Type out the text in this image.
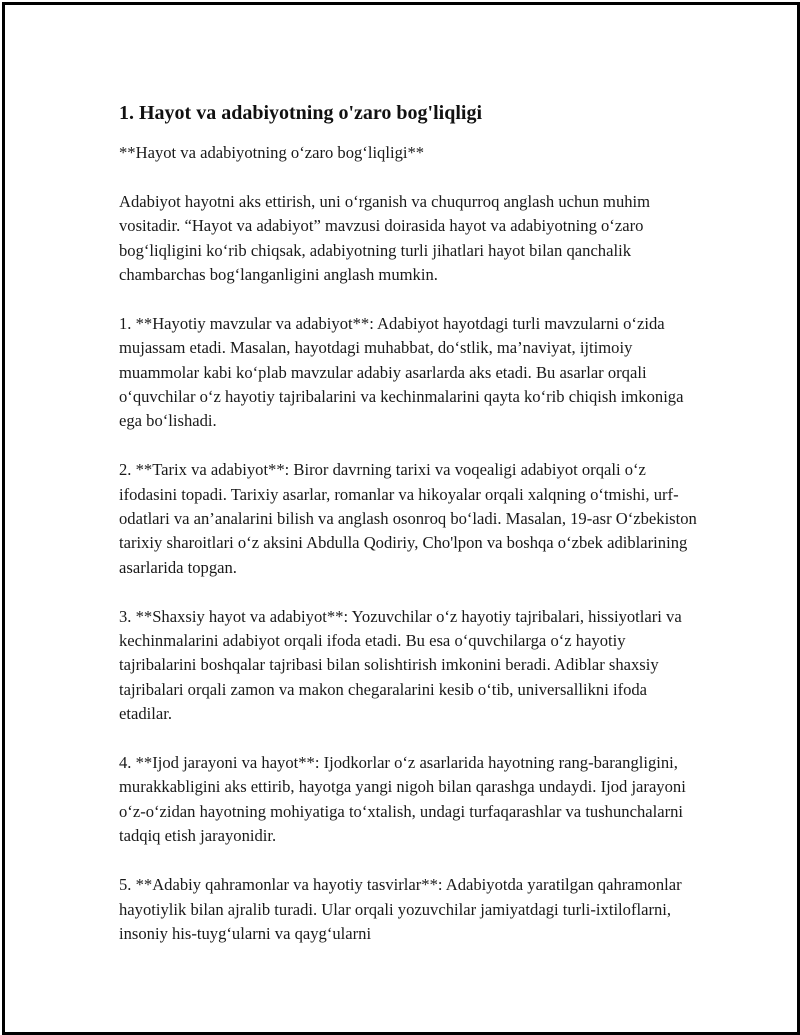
1. Hayot va adabiyotning o'zaro bog'liqligi

**Hayot va adabiyotning o‘zaro bog‘liqligi**

Adabiyot hayotni aks ettirish, uni o‘rganish va chuqurroq anglash uchun muhim vositadir. “Hayot va adabiyot” mavzusi doirasida hayot va adabiyotning o‘zaro bog‘liqligini ko‘rib chiqsak, adabiyotning turli jihatlari hayot bilan qanchalik chambarchas bog‘langanligini anglash mumkin.

1. **Hayotiy mavzular va adabiyot**: Adabiyot hayotdagi turli mavzularni o‘zida mujassam etadi. Masalan, hayotdagi muhabbat, do‘stlik, ma’naviyat, ijtimoiy muammolar kabi ko‘plab mavzular adabiy asarlarda aks etadi. Bu asarlar orqali o‘quvchilar o‘z hayotiy tajribalarini va kechinmalarini qayta ko‘rib chiqish imkoniga ega bo‘lishadi.

2. **Tarix va adabiyot**: Biror davrning tarixi va voqealigi adabiyot orqali o‘z ifodasini topadi. Tarixiy asarlar, romanlar va hikoyalar orqali xalqning o‘tmishi, urf-odatlari va an’analarini bilish va anglash osonroq bo‘ladi. Masalan, 19-asr O‘zbekiston tarixiy sharoitlari o‘z aksini Abdulla Qodiriy, Cho'lpon va boshqa o‘zbek adiblarining asarlarida topgan.

3. **Shaxsiy hayot va adabiyot**: Yozuvchilar o‘z hayotiy tajribalari, hissiyotlari va kechinmalarini adabiyot orqali ifoda etadi. Bu esa o‘quvchilarga o‘z hayotiy tajribalarini boshqalar tajribasi bilan solishtirish imkonini beradi. Adiblar shaxsiy tajribalari orqali zamon va makon chegaralarini kesib o‘tib, universallikni ifoda etadilar.

4. **Ijod jarayoni va hayot**: Ijodkorlar o‘z asarlarida hayotning rang-barangligini, murakkabligini aks ettirib, hayotga yangi nigoh bilan qarashga undaydi. Ijod jarayoni o‘z-o‘zidan hayotning mohiyatiga to‘xtalish, undagi turfaqarashlar va tushunchalarni tadqiq etish jarayonidir.

5. **Adabiy qahramonlar va hayotiy tasvirlar**: Adabiyotda yaratilgan qahramonlar hayotiylik bilan ajralib turadi. Ular orqali yozuvchilar jamiyatdagi turli-ixtiloflarni, insoniy his-tuyg‘ularni va qayg‘ularni
